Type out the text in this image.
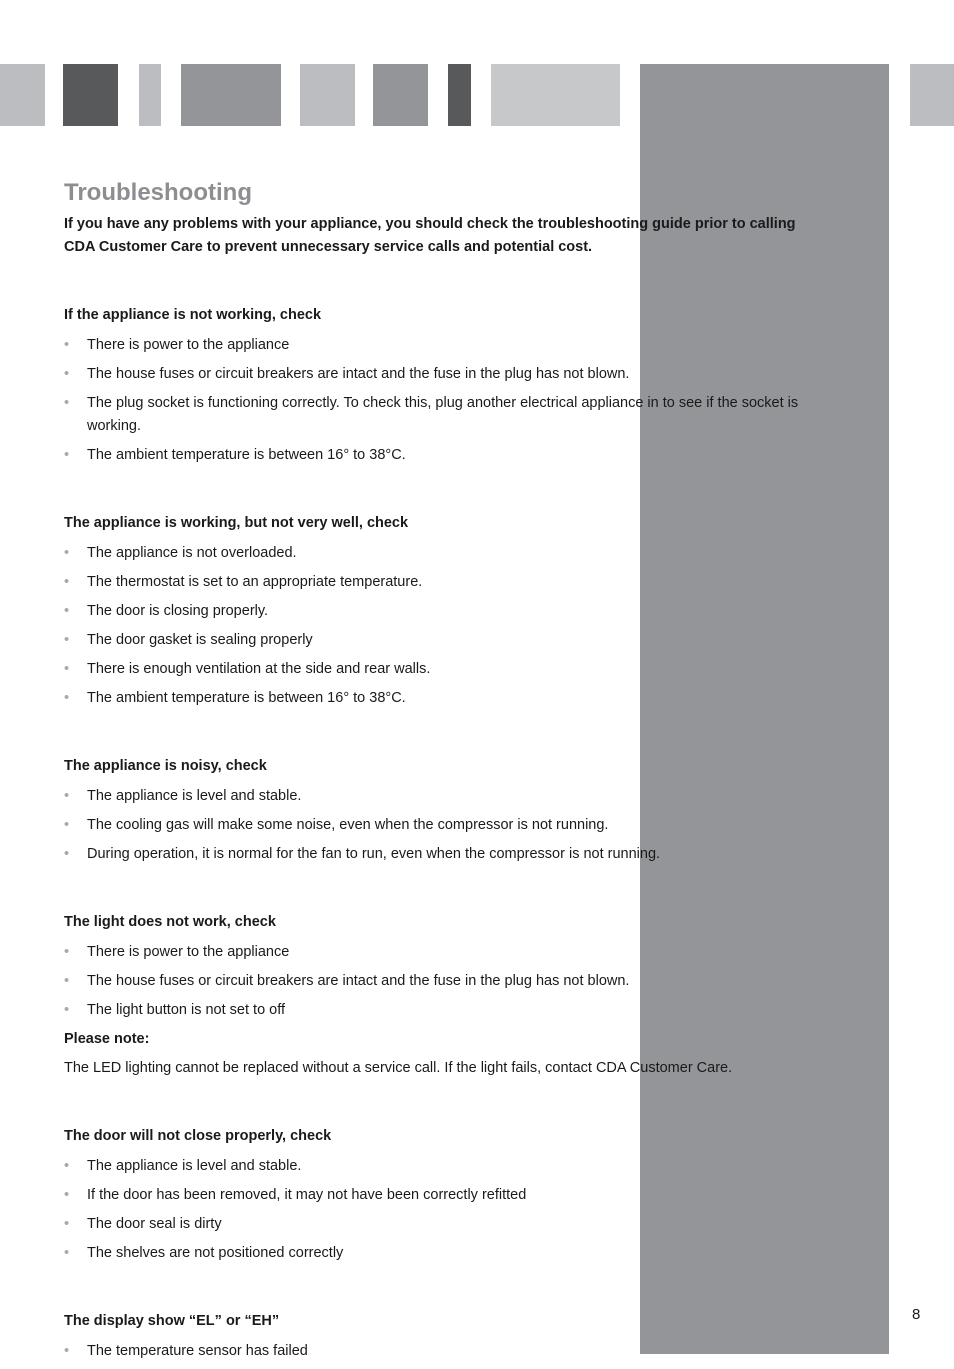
Troubleshooting

If you have any problems with your appliance, you should check the troubleshooting guide prior to calling CDA Customer Care to prevent unnecessary service calls and potential cost.

If the appliance is not working, check

• There is power to the appliance
• The house fuses or circuit breakers are intact and the fuse in the plug has not blown.
• The plug socket is functioning correctly. To check this, plug another electrical appliance in to see if the socket is working.
• The ambient temperature is between 16° to 38°C.

The appliance is working, but not very well, check

• The appliance is not overloaded.
• The thermostat is set to an appropriate temperature.
• The door is closing properly.
• The door gasket is sealing properly
• There is enough ventilation at the side and rear walls.
• The ambient temperature is between 16° to 38°C.

The appliance is noisy, check

• The appliance is level and stable.
• The cooling gas will make some noise, even when the compressor is not running.
• During operation, it is normal for the fan to run, even when the compressor is not running.

The light does not work, check

• There is power to the appliance
• The house fuses or circuit breakers are intact and the fuse in the plug has not blown.
• The light button is not set to off

Please note:

The LED lighting cannot be replaced without a service call. If the light fails, contact CDA Customer Care.

The door will not close properly, check

• The appliance is level and stable.
• If the door has been removed, it may not have been correctly refitted
• The door seal is dirty
• The shelves are not positioned correctly

The display show “EL” or “EH”

• The temperature sensor has failed
8
